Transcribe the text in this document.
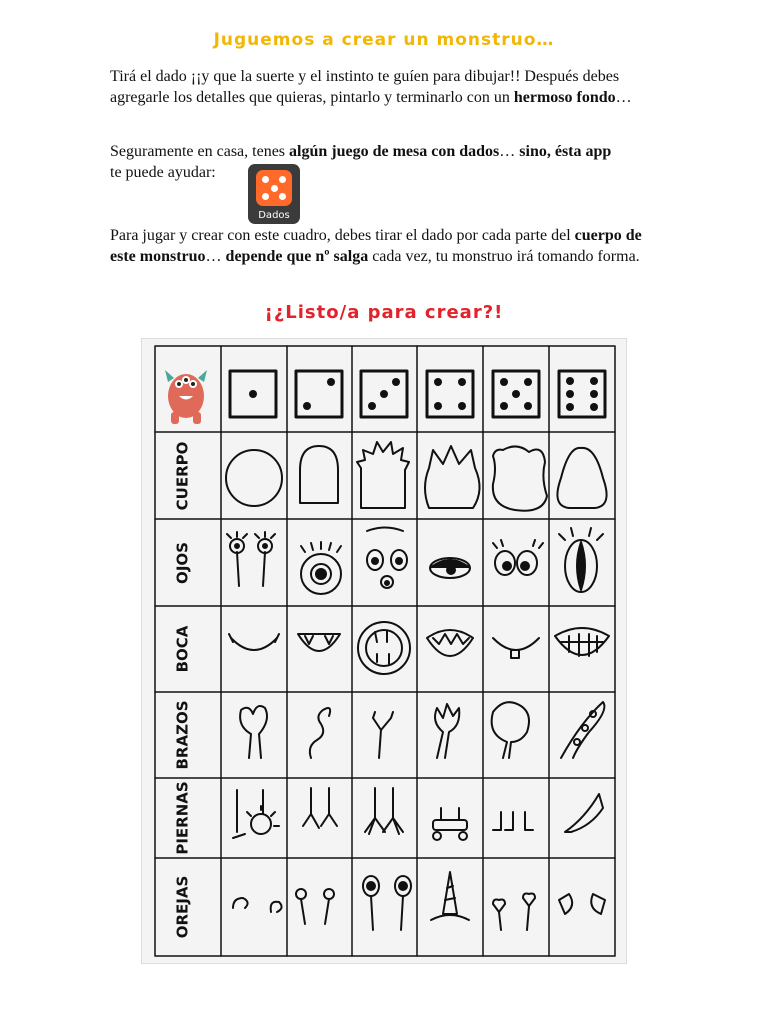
Juguemos a crear un monstruo…
Tirá el dado ¡¡y que la suerte y el instinto te guíen para dibujar!! Después debes agregarle los detalles que quieras, pintarlo y terminarlo con un hermoso fondo…
Seguramente en casa, tenes algún juego de mesa con dados… sino, ésta app
te puede ayudar:
Dados
Para jugar y crear con este cuadro, debes tirar el dado por cada parte del cuerpo de este monstruo… depende que nº salga cada vez, tu monstruo irá tomando forma.
¡¿Listo/a para crear?!
CUERPO
OJOS
BOCA
BRAZOS
PIERNAS
OREJAS
